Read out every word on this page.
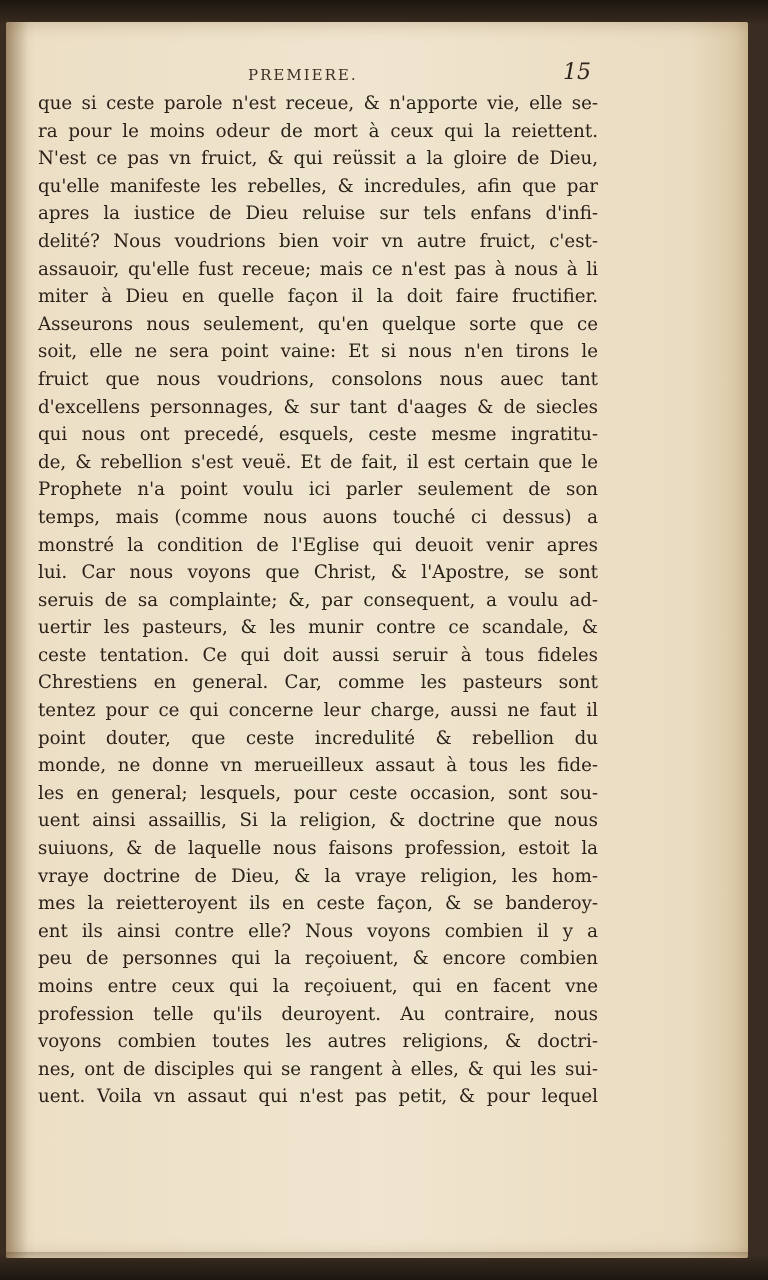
PREMIERE.	15
que si ceste parole n'est receue, & n'apporte vie, elle se-
ra pour le moins odeur de mort à ceux qui la reiettent.
N'est ce pas vn fruict, & qui reüssit a la gloire de Dieu,
qu'elle manifeste les rebelles, & incredules, afin que par
apres la iustice de Dieu reluise sur tels enfans d'infi-
delité? Nous voudrions bien voir vn autre fruict, c'est-
assauoir, qu'elle fust receue; mais ce n'est pas à nous à li
miter à Dieu en quelle façon il la doit faire fructifier.
Asseurons nous seulement, qu'en quelque sorte que ce
soit, elle ne sera point vaine: Et si nous n'en tirons le
fruict que nous voudrions, consolons nous auec tant
d'excellens personnages, & sur tant d'aages & de siecles
qui nous ont precedé, esquels, ceste mesme ingratitu-
de, & rebellion s'est veuë. Et de fait, il est certain que le
Prophete n'a point voulu ici parler seulement de son
temps, mais (comme nous auons touché ci dessus) a
monstré la condition de l'Eglise qui deuoit venir apres
lui. Car nous voyons que Christ, & l'Apostre, se sont
seruis de sa complainte; &, par consequent, a voulu ad-
uertir les pasteurs, & les munir contre ce scandale, &
ceste tentation. Ce qui doit aussi seruir à tous fideles
Chrestiens en general. Car, comme les pasteurs sont
tentez pour ce qui concerne leur charge, aussi ne faut il
point douter, que ceste incredulité & rebellion du
monde, ne donne vn merueilleux assaut à tous les fide-
les en general; lesquels, pour ceste occasion, sont sou-
uent ainsi assaillis, Si la religion, & doctrine que nous
suiuons, & de laquelle nous faisons profession, estoit la
vraye doctrine de Dieu, & la vraye religion, les hom-
mes la reietteroyent ils en ceste façon, & se banderoy-
ent ils ainsi contre elle? Nous voyons combien il y a
peu de personnes qui la reçoiuent, & encore combien
moins entre ceux qui la reçoiuent, qui en facent vne
profession telle qu'ils deuroyent. Au contraire, nous
voyons combien toutes les autres religions, & doctri-
nes, ont de disciples qui se rangent à elles, & qui les sui-
uent. Voila vn assaut qui n'est pas petit, & pour lequel
